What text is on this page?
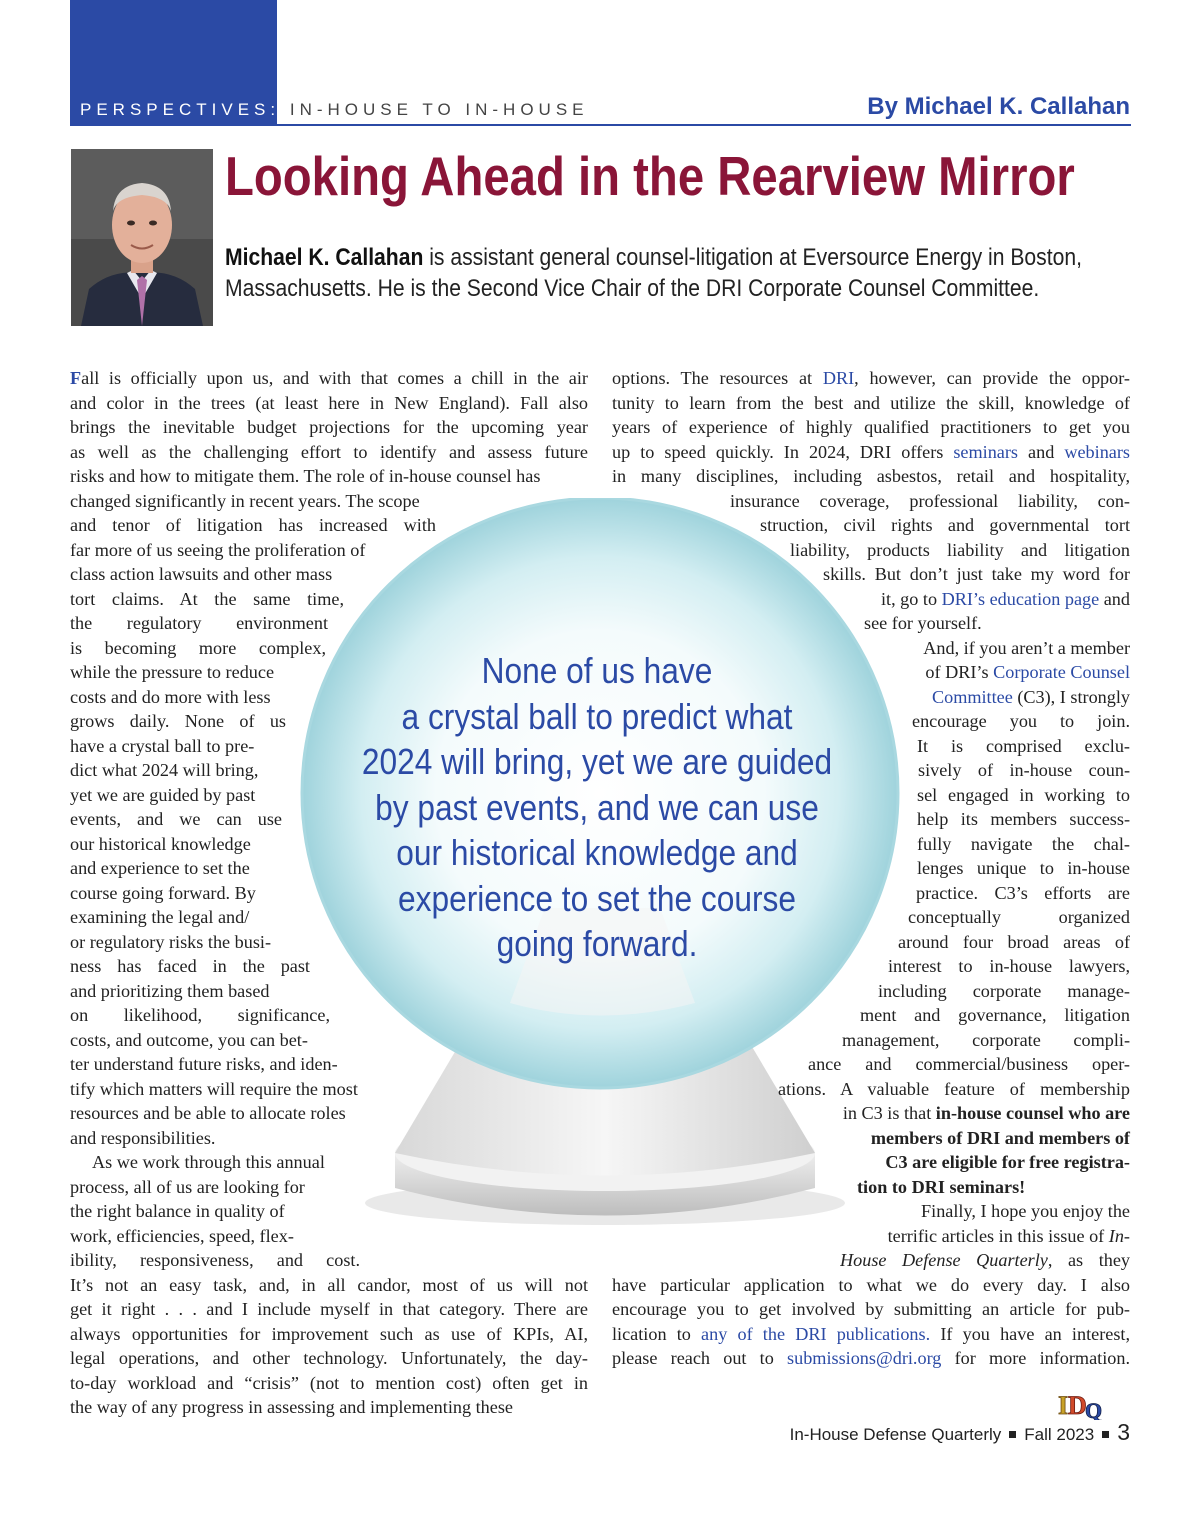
PERSPECTIVES: IN-HOUSE TO IN-HOUSE	By Michael K. Callahan
Looking Ahead in the Rearview Mirror
Michael K. Callahan is assistant general counsel-litigation at Eversource Energy in Boston, Massachusetts. He is the Second Vice Chair of the DRI Corporate Counsel Committee.
None of us have
a crystal ball to predict what
2024 will bring, yet we are guided
by past events, and we can use
our historical knowledge and
experience to set the course
going forward.

Fall is officially upon us, and with that comes a chill in the air

and color in the trees (at least here in New England). Fall also

brings the inevitable budget projections for the upcoming year

as well as the challenging effort to identify and assess future

risks and how to mitigate them. The role of in-house counsel has

changed significantly in recent years. The scope

and tenor of litigation has increased with

far more of us seeing the proliferation of

class action lawsuits and other mass

tort claims. At the same time,

the regulatory environment

is becoming more complex,

while the pressure to reduce

costs and do more with less

grows daily. None of us

have a crystal ball to pre-

dict what 2024 will bring,

yet we are guided by past

events, and we can use

our historical knowledge

and experience to set the

course going forward. By

examining the legal and/

or regulatory risks the busi-

ness has faced in the past

and prioritizing them based

on likelihood, significance,

costs, and outcome, you can bet-

ter understand future risks, and iden-

tify which matters will require the most

resources and be able to allocate roles

and responsibilities.

As we work through this annual

process, all of us are looking for

the right balance in quality of

work, efficiencies, speed, flex-

ibility, responsiveness, and cost.

It’s not an easy task, and, in all candor, most of us will not

get it right . . . and I include myself in that category. There are

always opportunities for improvement such as use of KPIs, AI,

legal operations, and other technology. Unfortunately, the day-

to-day workload and “crisis” (not to mention cost) often get in

the way of any progress in assessing and implementing these

options. The resources at DRI, however, can provide the oppor-

tunity to learn from the best and utilize the skill, knowledge of

years of experience of highly qualified practitioners to get you

up to speed quickly. In 2024, DRI offers seminars and webinars

in many disciplines, including asbestos, retail and hospitality,

insurance coverage, professional liability, con-

struction, civil rights and governmental tort

liability, products liability and litigation

skills. But don’t just take my word for

it, go to DRI’s education page and

see for yourself.

And, if you aren’t a member

of DRI’s Corporate Counsel

Committee (C3), I strongly

encourage you to join.

It is comprised exclu-

sively of in-house coun-

sel engaged in working to

help its members success-

fully navigate the chal-

lenges unique to in-house

practice. C3’s efforts are

conceptually organized

around four broad areas of

interest to in-house lawyers,

including corporate manage-

ment and governance, litigation

management, corporate compli-

ance and commercial/business oper-

ations. A valuable feature of membership

in C3 is that in-house counsel who are

members of DRI and members of

C3 are eligible for free registra-

tion to DRI seminars!

Finally, I hope you enjoy the

terrific articles in this issue of In-

House Defense Quarterly, as they

have particular application to what we do every day. I also

encourage you to get involved by submitting an article for pub-

lication to any of the DRI publications. If you have an interest,

please reach out to submissions@dri.org for more information.

I D
Q
In-House Defense Quarterly Fall 2023 3
